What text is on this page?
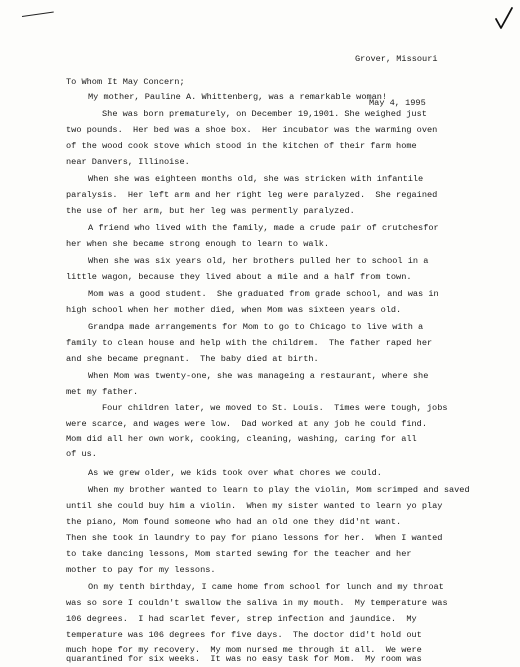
Grover, Missouri

May 4, 1995

To Whom It May Concern;
My mother, Pauline A. Whittenberg, was a remarkable woman!
She was born prematurely, on December 19,1901. She weighed just
two pounds.  Her bed was a shoe box.  Her incubator was the warming oven
of the wood cook stove which stood in the kitchen of their farm home
near Danvers, Illinoise.
When she was eighteen months old, she was stricken with infantile
paralysis.  Her left arm and her right leg were paralyzed.  She regained
the use of her arm, but her leg was permently paralyzed.
A friend who lived with the family, made a crude pair of crutchesfor
her when she became strong enough to learn to walk.
When she was six years old, her brothers pulled her to school in a
little wagon, because they lived about a mile and a half from town.
Mom was a good student.  She graduated from grade school, and was in
high school when her mother died, when Mom was sixteen years old.
Grandpa made arrangements for Mom to go to Chicago to live with a
family to clean house and help with the childrem.  The father raped her
and she became pregnant.  The baby died at birth.
When Mom was twenty-one, she was manageing a restaurant, where she
met my father.
Four children later, we moved to St. Louis.  Times were tough, jobs
were scarce, and wages were low.  Dad worked at any job he could find.
Mom did all her own work, cooking, cleaning, washing, caring for all
of us.
As we grew older, we kids took over what chores we could.
When my brother wanted to learn to play the violin, Mom scrimped and saved
until she could buy him a violin.  When my sister wanted to learn yo play
the piano, Mom found someone who had an old one they did'nt want.
Then she took in laundry to pay for piano lessons for her.  When I wanted
to take dancing lessons, Mom started sewing for the teacher and her
mother to pay for my lessons.
On my tenth birthday, I came home from school for lunch and my throat
was so sore I couldn't swallow the saliva in my mouth.  My temperature was
106 degrees.  I had scarlet fever, strep infection and jaundice.  My
temperature was 106 degrees for five days.  The doctor did't hold out
much hope for my recovery.  My mom nursed me through it all.  We were
quarantined for six weeks.  It was no easy task for Mom.  My room was
